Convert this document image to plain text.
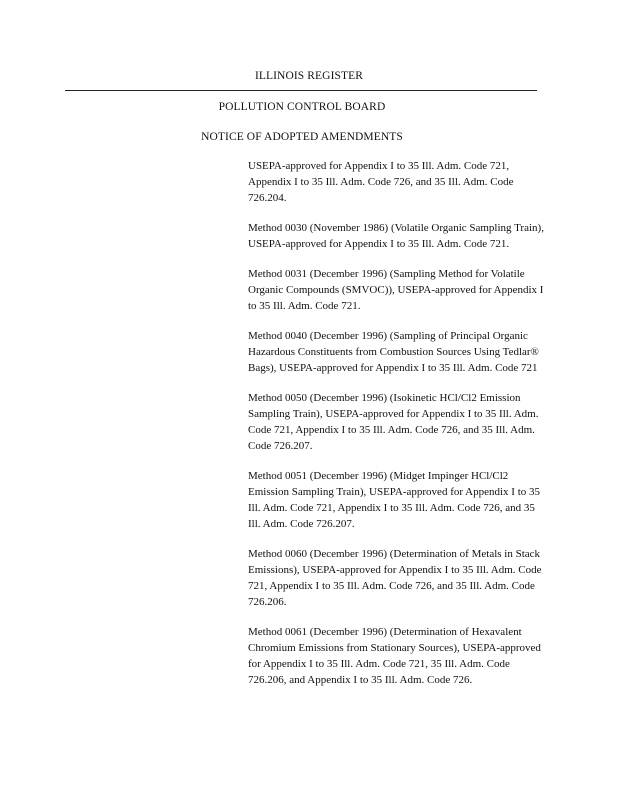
ILLINOIS REGISTER
POLLUTION CONTROL BOARD
NOTICE OF ADOPTED AMENDMENTS

USEPA-approved for Appendix I to 35 Ill. Adm. Code 721, Appendix I to 35 Ill. Adm. Code 726, and 35 Ill. Adm. Code 726.204.

Method 0030 (November 1986) (Volatile Organic Sampling Train), USEPA-approved for Appendix I to 35 Ill. Adm. Code 721.

Method 0031 (December 1996) (Sampling Method for Volatile Organic Compounds (SMVOC)), USEPA-approved for Appendix I to 35 Ill. Adm. Code 721.

Method 0040 (December 1996) (Sampling of Principal Organic Hazardous Constituents from Combustion Sources Using Tedlar® Bags), USEPA-approved for Appendix I to 35 Ill. Adm. Code 721

Method 0050 (December 1996) (Isokinetic HCl/Cl2 Emission Sampling Train), USEPA-approved for Appendix I to 35 Ill. Adm. Code 721, Appendix I to 35 Ill. Adm. Code 726, and 35 Ill. Adm. Code 726.207.

Method 0051 (December 1996) (Midget Impinger HCl/Cl2 Emission Sampling Train), USEPA-approved for Appendix I to 35 Ill. Adm. Code 721, Appendix I to 35 Ill. Adm. Code 726, and 35 Ill. Adm. Code 726.207.

Method 0060 (December 1996) (Determination of Metals in Stack Emissions), USEPA-approved for Appendix I to 35 Ill. Adm. Code 721, Appendix I to 35 Ill. Adm. Code 726, and 35 Ill. Adm. Code 726.206.

Method 0061 (December 1996) (Determination of Hexavalent Chromium Emissions from Stationary Sources), USEPA-approved for Appendix I to 35 Ill. Adm. Code 721, 35 Ill. Adm. Code 726.206, and Appendix I to 35 Ill. Adm. Code 726.
